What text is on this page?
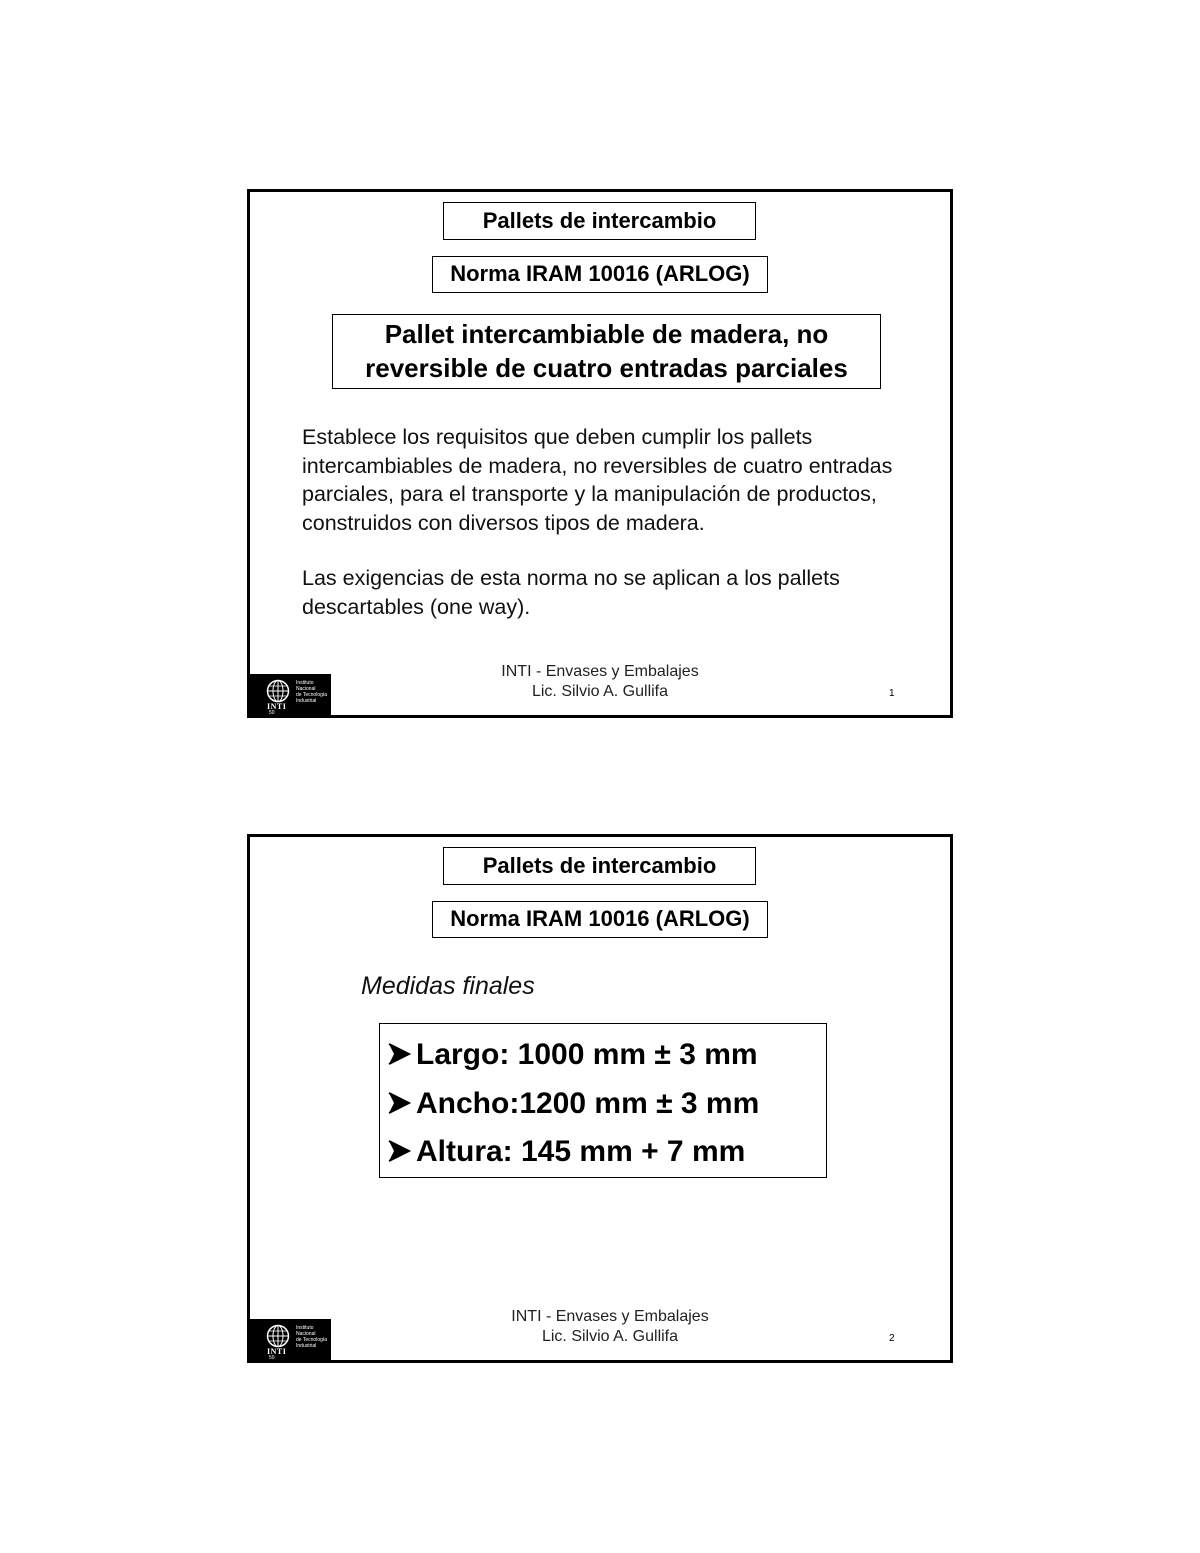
Pallets de intercambio
Norma IRAM 10016 (ARLOG)
Pallet intercambiable de madera, no
reversible de cuatro entradas parciales
Establece los requisitos que deben cumplir los pallets intercambiables de madera, no reversibles de cuatro entradas parciales, para el transporte y la manipulación de productos, construidos con diversos tipos de madera.
Las exigencias de esta norma no se aplican a los pallets descartables (one way).
INTI - Envases y Embalajes
Lic. Silvio A. Gullifa	1
INTI
50
Instituto
Nacional
de Tecnología
Industrial
Pallets de intercambio
Norma IRAM 10016 (ARLOG)
Medidas finales
Largo: 1000 mm ± 3 mm
Ancho:1200 mm ± 3 mm
Altura: 145 mm + 7 mm
INTI - Envases y Embalajes
Lic. Silvio A. Gullifa	2
INTI
50
Instituto
Nacional
de Tecnología
Industrial
